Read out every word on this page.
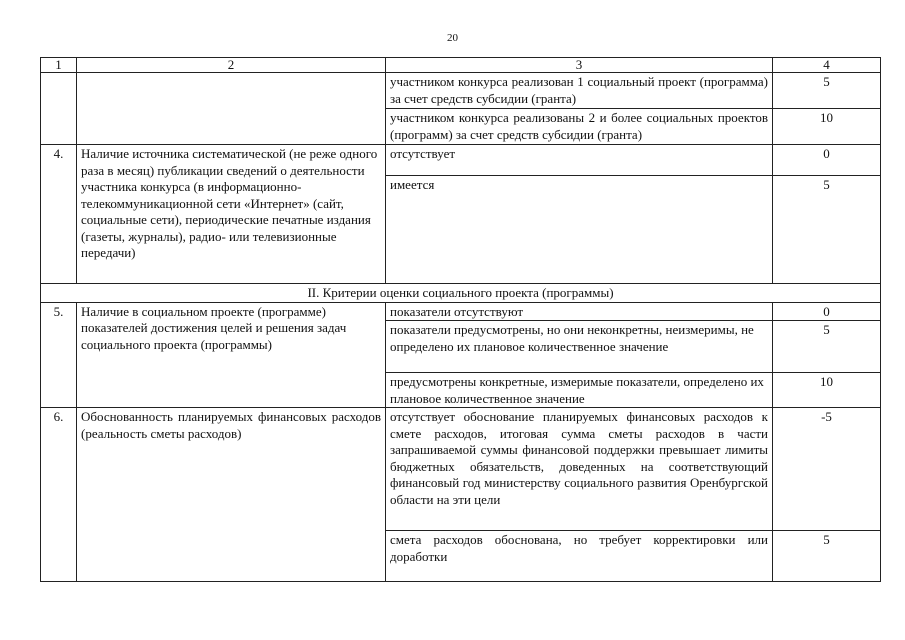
20
1	2	3	4
		участником конкурса реализован 1 социальный проект (программа) за счет средств субсидии (гранта)	5
		участником конкурса реализованы 2 и более социальных проектов (программ) за счет средств субсидии (гранта)	10
4.	Наличие источника систематической (не реже одного раза в месяц) публикации сведений о деятельности участника конкурса (в информационно-телекоммуникационной сети «Интернет» (сайт, социальные сети), периодические печатные издания (газеты, журналы), радио- или телевизионные передачи)	отсутствует	0
		имеется	5
II. Критерии оценки социального проекта (программы)			
5.	Наличие в социальном проекте (программе) показателей достижения целей и решения задач социального проекта (программы)	показатели отсутствуют	0
		показатели предусмотрены, но они неконкретны, неизмеримы, не определено их плановое количественное значение	5
		предусмотрены конкретные, измеримые показатели, определено их плановое количественное значение	10
6.	Обоснованность планируемых финансовых расходов (реальность сметы расходов)	отсутствует обоснование планируемых финансовых расходов к смете расходов, итоговая сумма сметы расходов в части запрашиваемой суммы финансовой поддержки превышает лимиты бюджетных обязательств, доведенных на соответствующий финансовый год министерству социального развития Оренбургской области на эти цели	-5
		смета расходов обоснована, но требует корректировки или доработки	5
